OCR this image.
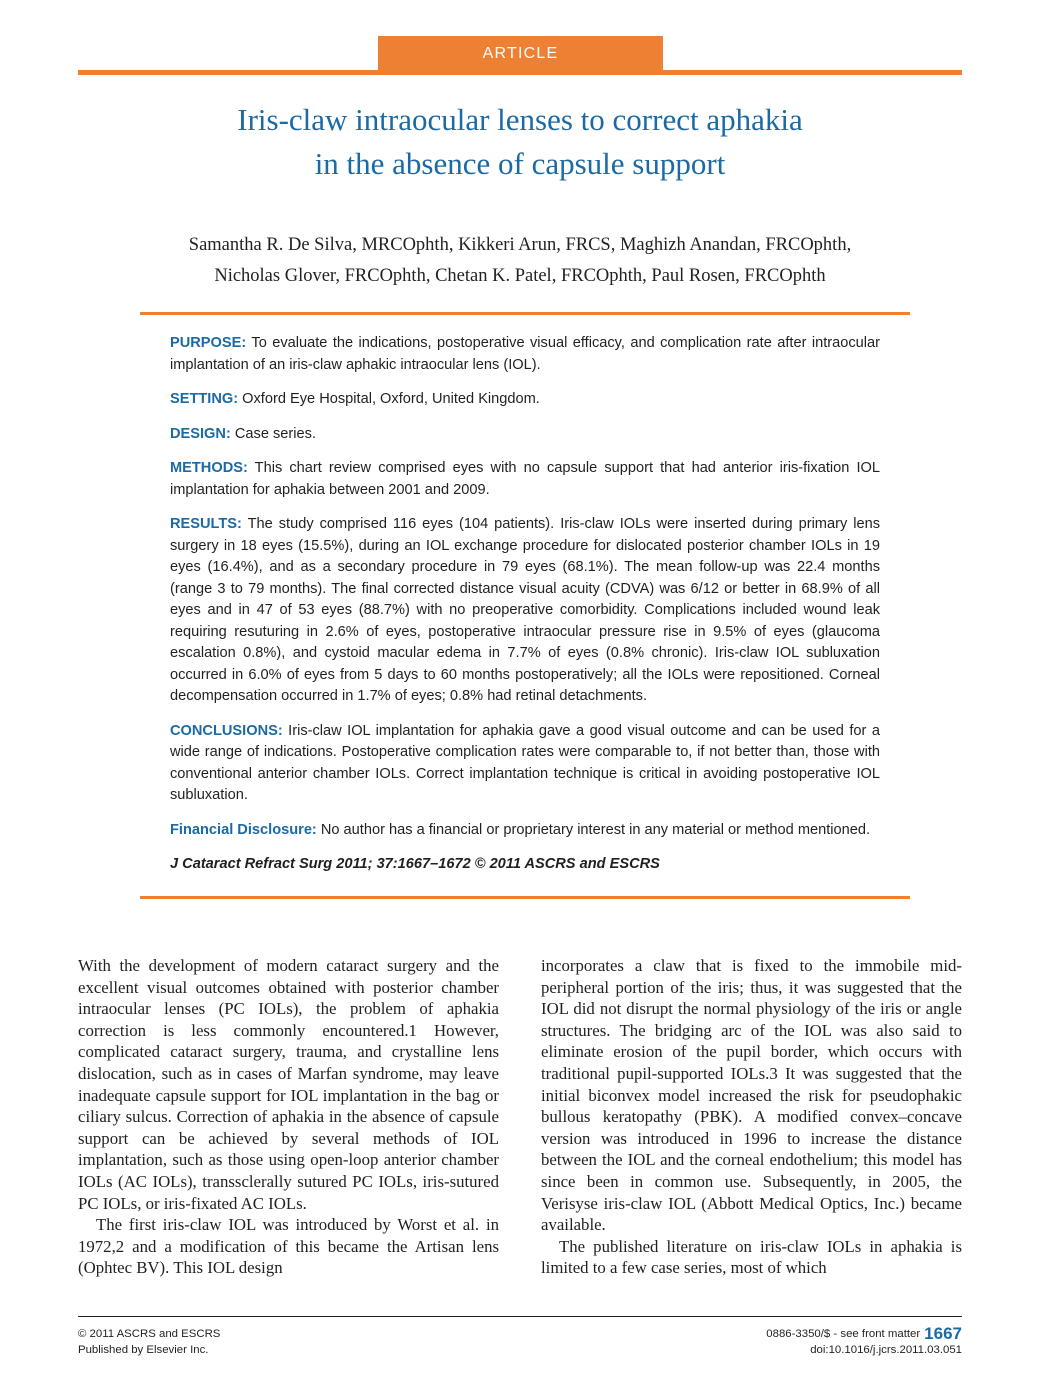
ARTICLE
Iris-claw intraocular lenses to correct aphakia
in the absence of capsule support
Samantha R. De Silva, MRCOphth, Kikkeri Arun, FRCS, Maghizh Anandan, FRCOphth,
Nicholas Glover, FRCOphth, Chetan K. Patel, FRCOphth, Paul Rosen, FRCOphth

PURPOSE: To evaluate the indications, postoperative visual efficacy, and complication rate after intraocular implantation of an iris-claw aphakic intraocular lens (IOL).

SETTING: Oxford Eye Hospital, Oxford, United Kingdom.

DESIGN: Case series.

METHODS: This chart review comprised eyes with no capsule support that had anterior iris-fixation IOL implantation for aphakia between 2001 and 2009.

RESULTS: The study comprised 116 eyes (104 patients). Iris-claw IOLs were inserted during primary lens surgery in 18 eyes (15.5%), during an IOL exchange procedure for dislocated posterior chamber IOLs in 19 eyes (16.4%), and as a secondary procedure in 79 eyes (68.1%). The mean follow-up was 22.4 months (range 3 to 79 months). The final corrected distance visual acuity (CDVA) was 6/12 or better in 68.9% of all eyes and in 47 of 53 eyes (88.7%) with no preoperative comorbidity. Complications included wound leak requiring resuturing in 2.6% of eyes, postoperative intraocular pressure rise in 9.5% of eyes (glaucoma escalation 0.8%), and cystoid macular edema in 7.7% of eyes (0.8% chronic). Iris-claw IOL subluxation occurred in 6.0% of eyes from 5 days to 60 months postoperatively; all the IOLs were repositioned. Corneal decompensation occurred in 1.7% of eyes; 0.8% had retinal detachments.

CONCLUSIONS: Iris-claw IOL implantation for aphakia gave a good visual outcome and can be used for a wide range of indications. Postoperative complication rates were comparable to, if not better than, those with conventional anterior chamber IOLs. Correct implantation technique is critical in avoiding postoperative IOL subluxation.

Financial Disclosure: No author has a financial or proprietary interest in any material or method mentioned.

J Cataract Refract Surg 2011; 37:1667–1672 © 2011 ASCRS and ESCRS

With the development of modern cataract surgery and the excellent visual outcomes obtained with posterior chamber intraocular lenses (PC IOLs), the problem of aphakia correction is less commonly encountered.1 However, complicated cataract surgery, trauma, and crystalline lens dislocation, such as in cases of Marfan syndrome, may leave inadequate capsule support for IOL implantation in the bag or ciliary sulcus. Correction of aphakia in the absence of capsule support can be achieved by several methods of IOL implantation, such as those using open-loop anterior chamber IOLs (AC IOLs), transsclerally sutured PC IOLs, iris-sutured PC IOLs, or iris-fixated AC IOLs.

The first iris-claw IOL was introduced by Worst et al. in 1972,2 and a modification of this became the Artisan lens (Ophtec BV). This IOL design

incorporates a claw that is fixed to the immobile mid-peripheral portion of the iris; thus, it was suggested that the IOL did not disrupt the normal physiology of the iris or angle structures. The bridging arc of the IOL was also said to eliminate erosion of the pupil border, which occurs with traditional pupil-supported IOLs.3 It was suggested that the initial biconvex model increased the risk for pseudophakic bullous keratopathy (PBK). A modified convex–concave version was introduced in 1996 to increase the distance between the IOL and the corneal endothelium; this model has since been in common use. Subsequently, in 2005, the Verisyse iris-claw IOL (Abbott Medical Optics, Inc.) became available.

The published literature on iris-claw IOLs in aphakia is limited to a few case series, most of which

© 2011 ASCRS and ESCRS
Published by Elsevier Inc.
0886-3350/$ - see front matter 1667
doi:10.1016/j.jcrs.2011.03.051
